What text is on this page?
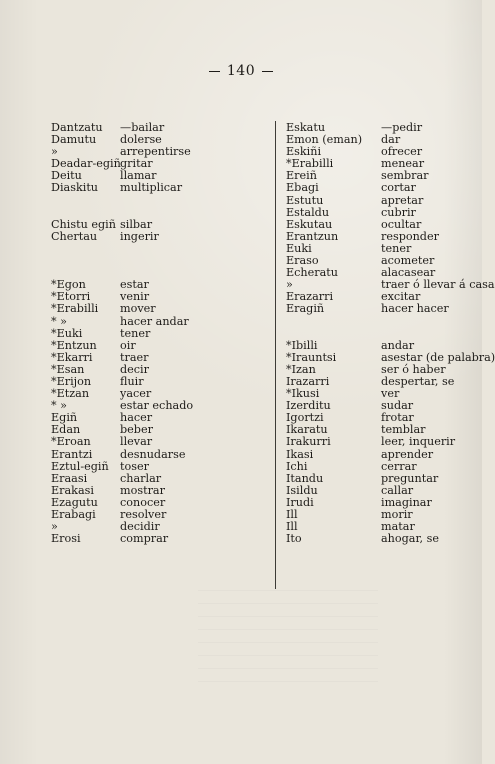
140
Dantzatu —bailar
Damutu dolerse
»	arrepentirse
Deadar-egiñ gritar
Deitu	llamar
Diaskitu multiplicar
Chistu egiñ silbar
Chertau ingerir
*Egon	estar
*Etorri	venir
*Erabilli mover
* »	hacer andar
*Euki	tener
*Entzun oir
*Ekarri traer
*Esan	decir
*Erijon	fluir
*Etzan	yacer
* »	estar echado
Egiñ	hacer
Edan	beber
*Eroan	llevar
Erantzi desnudarse
Eztul-egiñ toser
Eraasi	charlar
Erakasi mostrar
Ezagutu conocer
Erabagi resolver
»	decidir
Erosi	comprar
Eskatu	—pedir
Emon (eman) dar
Eskiñi	ofrecer
*Erabilli	menear
Ereiñ	sembrar
Ebagi	cortar
Estutu	apretar
Estaldu	cubrir
Eskutau	ocultar
Erantzun	responder
Euki	tener
Eraso	acometer
Echeratu	alacasear
»	traer ó llevar á casa
Erazarri	excitar
Eragiñ	hacer hacer
*Ibilli	andar
*Irauntsi	asestar (de palabra)
*Izan	ser ó haber
Irazarri	despertar, se
*Ikusi	ver
Izerditu	sudar
Igortzi	frotar
Ikaratu	temblar
Irakurri	leer, inquerir
Ikasi	aprender
Ichi	cerrar
Itandu	preguntar
Isildu	callar
Irudi	imaginar
Ill	morir
Ill	matar
Ito	ahogar, se
